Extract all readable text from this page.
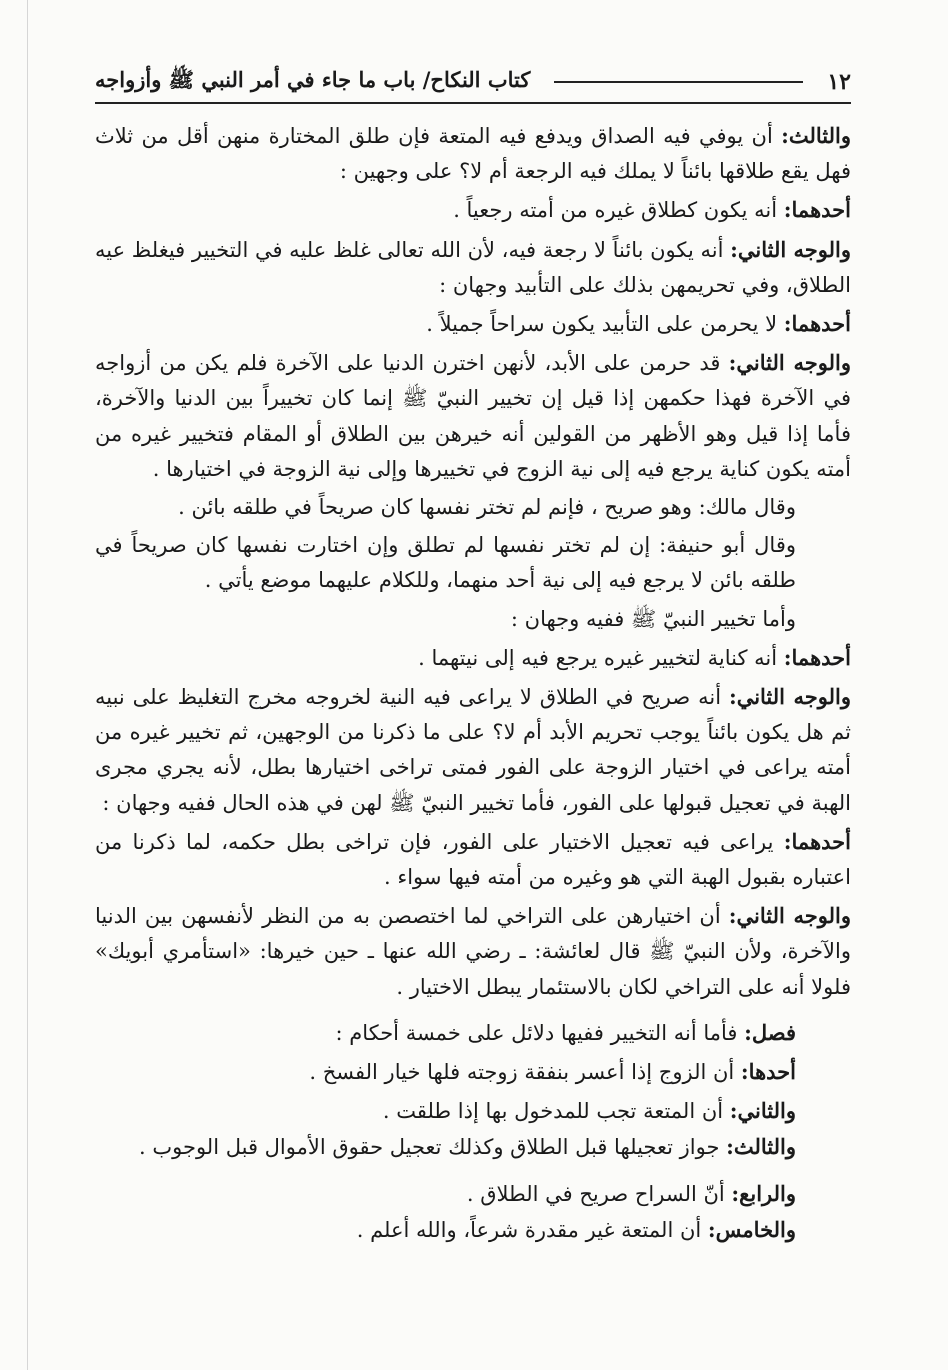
١٢
كتاب النكاح/ باب ما جاء في أمر النبي ﷺ وأزواجه

والثالث: أن يوفي فيه الصداق ويدفع فيه المتعة فإن طلق المختارة منهن أقل من ثلاث فهل يقع طلاقها بائناً لا يملك فيه الرجعة أم لا؟ على وجهين :

أحدهما: أنه يكون كطلاق غيره من أمته رجعياً .

والوجه الثاني: أنه يكون بائناً لا رجعة فيه، لأن الله تعالى غلظ عليه في التخيير فيغلظ عيه الطلاق، وفي تحريمهن بذلك على التأبيد وجهان :

أحدهما: لا يحرمن على التأبيد يكون سراحاً جميلاً .

والوجه الثاني: قد حرمن على الأبد، لأنهن اخترن الدنيا على الآخرة فلم يكن من أزواجه في الآخرة فهذا حكمهن إذا قيل إن تخيير النبيّ ﷺ إنما كان تخييراً بين الدنيا والآخرة، فأما إذا قيل وهو الأظهر من القولين أنه خيرهن بين الطلاق أو المقام فتخيير غيره من أمته يكون كناية يرجع فيه إلى نية الزوج في تخييرها وإلى نية الزوجة في اختيارها .

وقال مالك: وهو صريح ، فإنم لم تختر نفسها كان صريحاً في طلقه بائن .

وقال أبو حنيفة: إن لم تختر نفسها لم تطلق وإن اختارت نفسها كان صريحاً في طلقه بائن لا يرجع فيه إلى نية أحد منهما، وللكلام عليهما موضع يأتي .

وأما تخيير النبيّ ﷺ ففيه وجهان :

أحدهما: أنه كناية لتخيير غيره يرجع فيه إلى نيتهما .

والوجه الثاني: أنه صريح في الطلاق لا يراعى فيه النية لخروجه مخرج التغليظ على نبيه ثم هل يكون بائناً يوجب تحريم الأبد أم لا؟ على ما ذكرنا من الوجهين، ثم تخيير غيره من أمته يراعى في اختيار الزوجة على الفور فمتى تراخى اختيارها بطل، لأنه يجري مجرى الهبة في تعجيل قبولها على الفور، فأما تخيير النبيّ ﷺ لهن في هذه الحال ففيه وجهان :

أحدهما: يراعى فيه تعجيل الاختيار على الفور، فإن تراخى بطل حكمه، لما ذكرنا من اعتباره بقبول الهبة التي هو وغيره من أمته فيها سواء .

والوجه الثاني: أن اختيارهن على التراخي لما اختصصن به من النظر لأنفسهن بين الدنيا والآخرة، ولأن النبيّ ﷺ قال لعائشة: ـ رضي الله عنها ـ حين خيرها: «استأمري أبويك» فلولا أنه على التراخي لكان بالاستئمار يبطل الاختيار .

فصل: فأما أنه التخيير ففيها دلائل على خمسة أحكام :

أحدها: أن الزوج إذا أعسر بنفقة زوجته فلها خيار الفسخ .

والثاني: أن المتعة تجب للمدخول بها إذا طلقت .

والثالث: جواز تعجيلها قبل الطلاق وكذلك تعجيل حقوق الأموال قبل الوجوب .

والرابع: أنّ السراح صريح في الطلاق .

والخامس: أن المتعة غير مقدرة شرعاً، والله أعلم .
